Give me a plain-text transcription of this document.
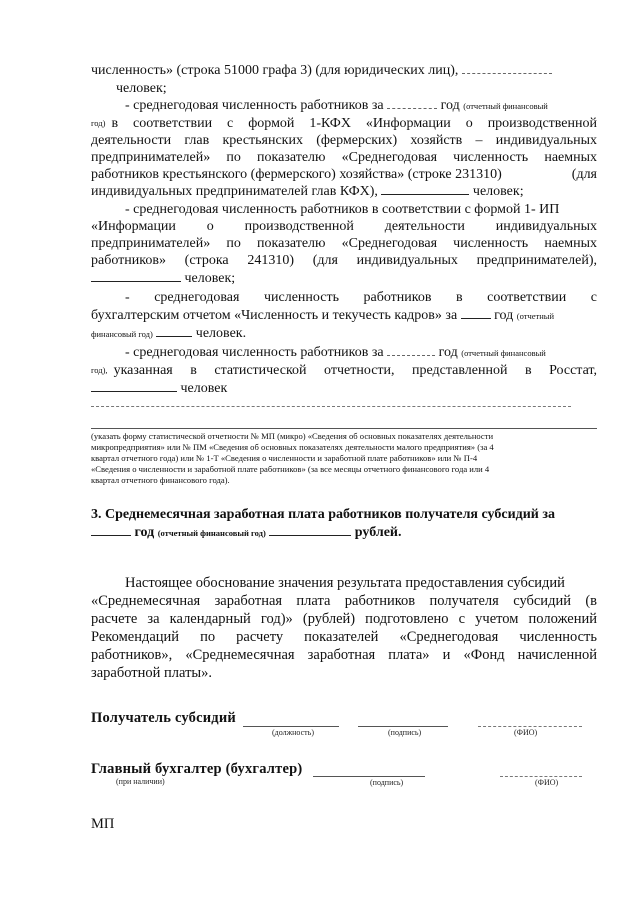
численность» (строка 51000 графа 3) (для юридических лиц),
человек;
- среднегодовая численность работников за	год (отчетный финансовый
год) в соответствии с формой 1-КФХ «Информации о производственной
деятельности глав крестьянских (фермерских) хозяйств – индивидуальных
предпринимателей» по показателю «Среднегодовая численность наемных
работников крестьянского (фермерского) хозяйства» (строке 231310)	(для
индивидуальных предпринимателей глав КФХ),	человек;
- среднегодовая численность работников в соответствии с формой 1- ИП
«Информации о производственной деятельности индивидуальных
предпринимателей» по показателю «Среднегодовая численность наемных
работников» (строка 241310) (для индивидуальных предпринимателей),
человек;
- среднегодовая численность работников в соответствии с
бухгалтерским отчетом «Численность и текучесть кадров» за	год (отчетный
финансовый год)	человек.
- среднегодовая численность работников за	год (отчетный финансовый
год), указанная в статистической отчетности, представленной в Росстат,
человек
(указать форму статистической отчетности № МП (микро) «Сведения об основных показателях деятельности
микропредприятия» или № ПМ «Сведения об основных показателях деятельности малого предприятия» (за 4
квартал отчетного года) или № 1-Т «Сведения о численности и заработной плате работников» или № П-4
«Сведения о численности и заработной плате работников» (за все месяцы отчетного финансового года или 4
квартал отчетного финансового года).
3. Среднемесячная заработная плата работников получателя субсидий за
год (отчетный финансовый год)	рублей.
Настоящее обоснование значения результата предоставления субсидий
«Среднемесячная заработная плата работников получателя субсидий (в
расчете за календарный год)» (рублей) подготовлено с учетом положений
Рекомендаций по расчету показателей «Среднегодовая численность
работников», «Среднемесячная заработная плата» и «Фонд начисленной
заработной платы».
Получатель субсидий
(должность)	(подпись)	(ФИО)
Главный бухгалтер (бухгалтер)
(при наличии)	(подпись)	(ФИО)
МП
